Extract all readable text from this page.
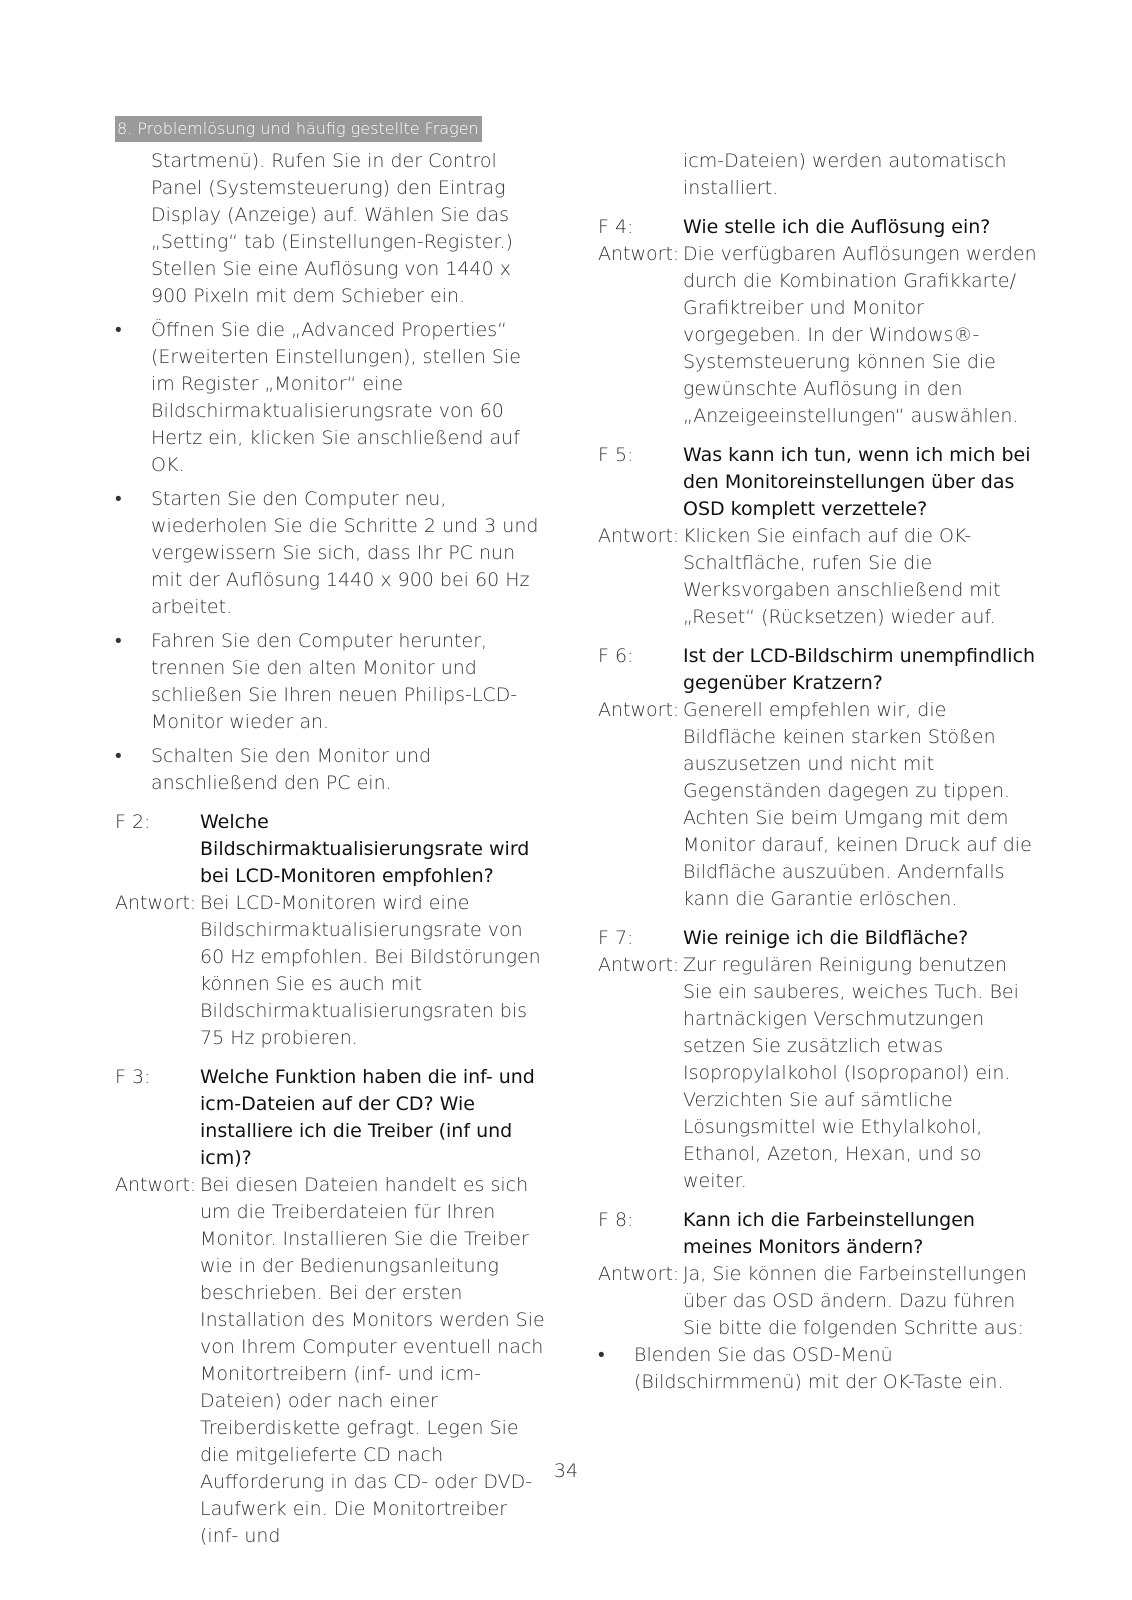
8. Problemlösung und häufig gestellte Fragen

Startmenü). Rufen Sie in der Control Panel (Systemsteuerung) den Eintrag Display (Anzeige) auf. Wählen Sie das „Setting“ tab (Einstellungen-Register.) Stellen Sie eine Auflösung von 1440 x 900 Pixeln mit dem Schieber ein.

• Öffnen Sie die „Advanced Properties“ (Erweiterten Einstellungen), stellen Sie im Register „Monitor“ eine Bildschirmaktualisierungsrate von 60 Hertz ein, klicken Sie anschließend auf OK.

• Starten Sie den Computer neu, wiederholen Sie die Schritte 2 und 3 und vergewissern Sie sich, dass Ihr PC nun mit der Auflösung 1440 x 900 bei 60 Hz arbeitet.

• Fahren Sie den Computer herunter, trennen Sie den alten Monitor und schließen Sie Ihren neuen Philips-LCD-Monitor wieder an.

• Schalten Sie den Monitor und anschließend den PC ein.

F 2:	Welche Bildschirmaktualisierungsrate wird bei LCD-Monitoren empfohlen?

Antwort: Bei LCD-Monitoren wird eine Bildschirmaktualisierungsrate von 60 Hz empfohlen. Bei Bildstörungen können Sie es auch mit Bildschirmaktualisierungsraten bis 75 Hz probieren.

F 3:	Welche Funktion haben die inf- und icm-Dateien auf der CD? Wie installiere ich die Treiber (inf und icm)?

Antwort: Bei diesen Dateien handelt es sich um die Treiberdateien für Ihren Monitor. Installieren Sie die Treiber wie in der Bedienungsanleitung beschrieben. Bei der ersten Installation des Monitors werden Sie von Ihrem Computer eventuell nach Monitortreibern (inf- und icm-Dateien) oder nach einer Treiberdiskette gefragt. Legen Sie die mitgelieferte CD nach Aufforderung in das CD- oder DVD-Laufwerk ein. Die Monitortreiber (inf- und

icm-Dateien) werden automatisch installiert.

F 4:	Wie stelle ich die Auflösung ein?

Antwort: Die verfügbaren Auflösungen werden durch die Kombination Grafikkarte/ Grafiktreiber und Monitor vorgegeben. In der Windows®-Systemsteuerung können Sie die gewünschte Auflösung in den „Anzeigeeinstellungen“ auswählen.

F 5:	Was kann ich tun, wenn ich mich bei den Monitoreinstellungen über das OSD komplett verzettele?

Antwort: Klicken Sie einfach auf die OK-Schaltfläche, rufen Sie die Werksvorgaben anschließend mit „Reset“ (Rücksetzen) wieder auf.

F 6:	Ist der LCD-Bildschirm unempfindlich gegenüber Kratzern?

Antwort: Generell empfehlen wir, die Bildfläche keinen starken Stößen auszusetzen und nicht mit Gegenständen dagegen zu tippen. Achten Sie beim Umgang mit dem Monitor darauf, keinen Druck auf die Bildfläche auszuüben. Andernfalls kann die Garantie erlöschen.

F 7:	Wie reinige ich die Bildfläche?

Antwort: Zur regulären Reinigung benutzen Sie ein sauberes, weiches Tuch. Bei hartnäckigen Verschmutzungen setzen Sie zusätzlich etwas Isopropylalkohol (Isopropanol) ein. Verzichten Sie auf sämtliche Lösungsmittel wie Ethylalkohol, Ethanol, Azeton, Hexan, und so weiter.

F 8:	Kann ich die Farbeinstellungen meines Monitors ändern?

Antwort: Ja, Sie können die Farbeinstellungen über das OSD ändern. Dazu führen Sie bitte die folgenden Schritte aus:

• Blenden Sie das OSD-Menü (Bildschirmmenü) mit der OK-Taste ein.

34
